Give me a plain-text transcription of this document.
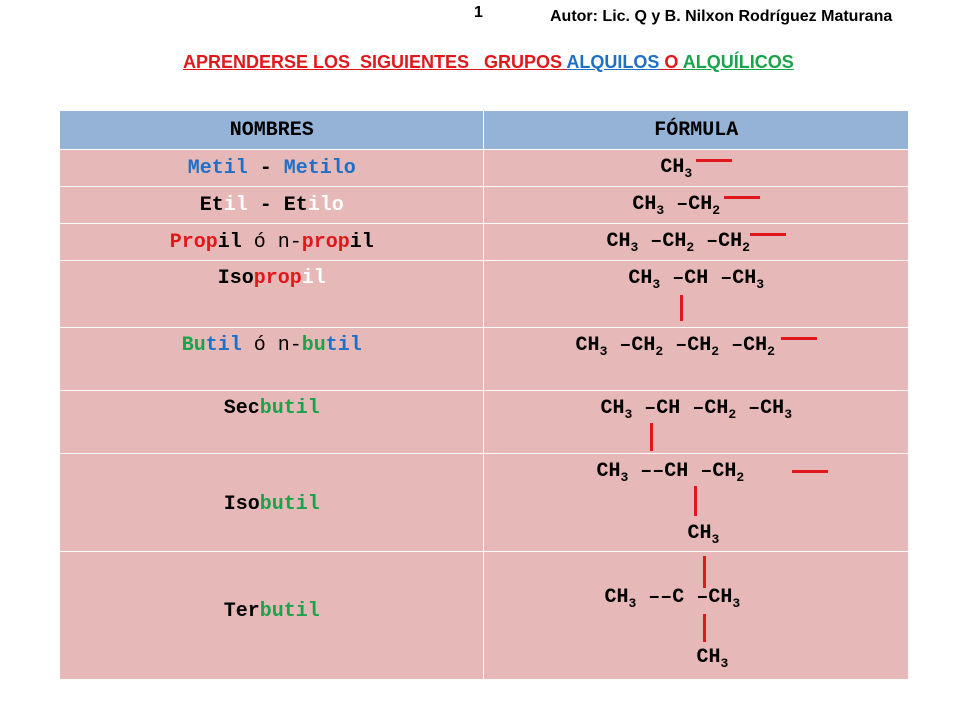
1	Autor: Lic. Q y B. Nilxon Rodríguez Maturana
APRENDERSE LOS  SIGUIENTES   GRUPOS ALQUILOS O ALQUÍLICOS
NOMBRES	FÓRMULA
Metil - Metilo	$CH_3$
Etil - Etilo	$CH_3$ $-CH_2$
Propil ó n-propil	$CH_3$ $-CH_2$ $-CH_2$
Isopropil	$CH_3$ –CH $-CH_3$

Butil ó n-butil	$CH_3$ $-CH_2$ $-CH_2$ $-CH_2$
Secbutil	$CH_3$ –CH $-CH_2$ $-CH_3$

Isobutil	$CH_3$ ––CH $-CH_2$
$CH_3$

Terbutil	$CH_3$ ––C $-CH_3$
$CH_3$
